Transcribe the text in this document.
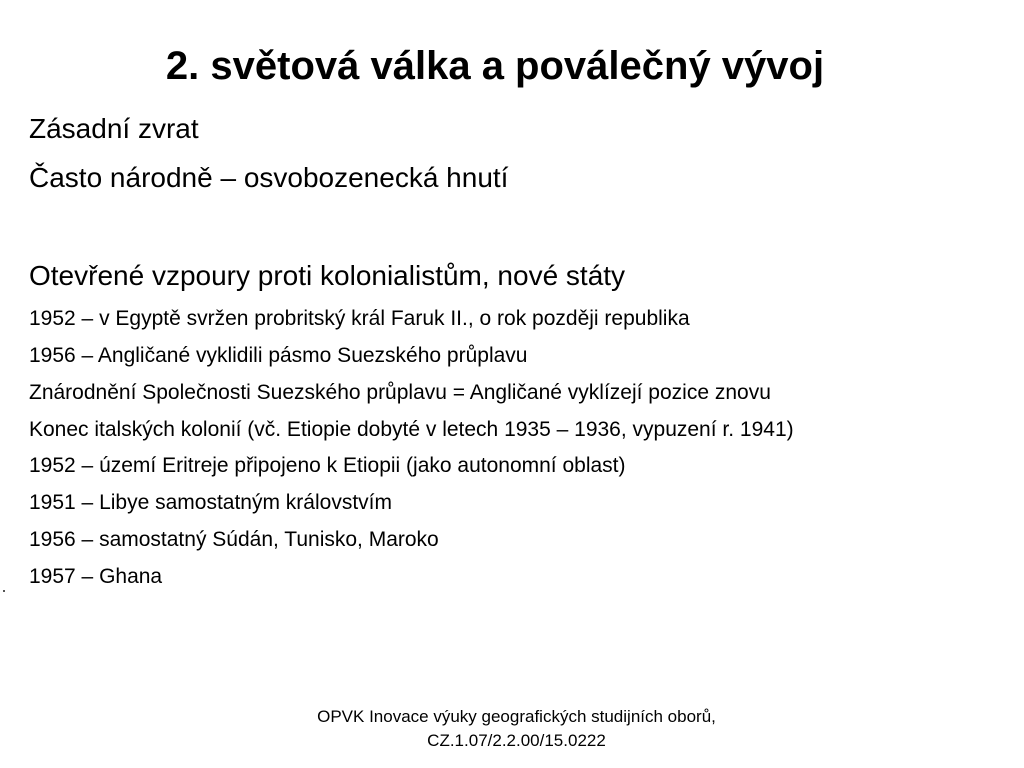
2. světová válka a poválečný vývoj
Zásadní zvrat
Často národně – osvobozenecká hnutí
Otevřené vzpoury proti kolonialistům, nové státy
1952 – v Egyptě svržen probritský král Faruk II., o rok později republika
1956 – Angličané vyklidili pásmo Suezského průplavu
Znárodnění Společnosti Suezského průplavu = Angličané vyklízejí pozice znovu
Konec italských kolonií (vč. Etiopie dobyté v letech 1935 – 1936, vypuzení r. 1941)
1952 – území Eritreje připojeno k Etiopii (jako autonomní oblast)
1951 – Libye samostatným královstvím
1956 – samostatný Súdán, Tunisko, Maroko
1957 – Ghana
OPVK Inovace výuky geografických studijních oborů,
CZ.1.07/2.2.00/15.0222
